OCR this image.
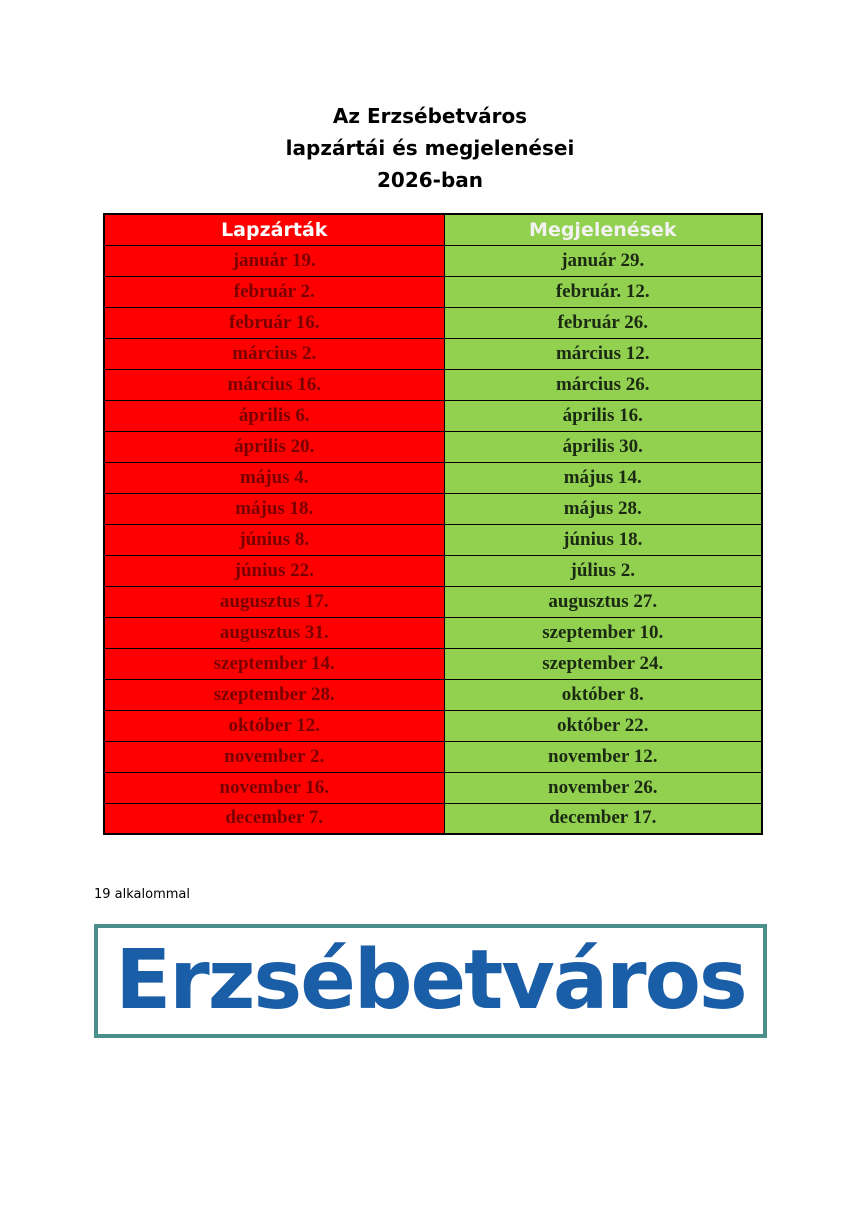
Az Erzsébetváros
lapzártái és megjelenései
2026-ban
Lapzárták	Megjelenések
január 19.	január 29.
február 2.	február. 12.
február 16.	február 26.
március 2.	március 12.
március 16.	március 26.
április 6.	április 16.
április 20.	április 30.
május 4.	május 14.
május 18.	május 28.
június 8.	június 18.
június 22.	július 2.
augusztus 17.	augusztus 27.
augusztus 31.	szeptember 10.
szeptember 14.	szeptember 24.
szeptember 28.	október 8.
október 12.	október 22.
november 2.	november 12.
november 16.	november 26.
december 7.	december 17.
19 alkalommal
Erzsébetváros
